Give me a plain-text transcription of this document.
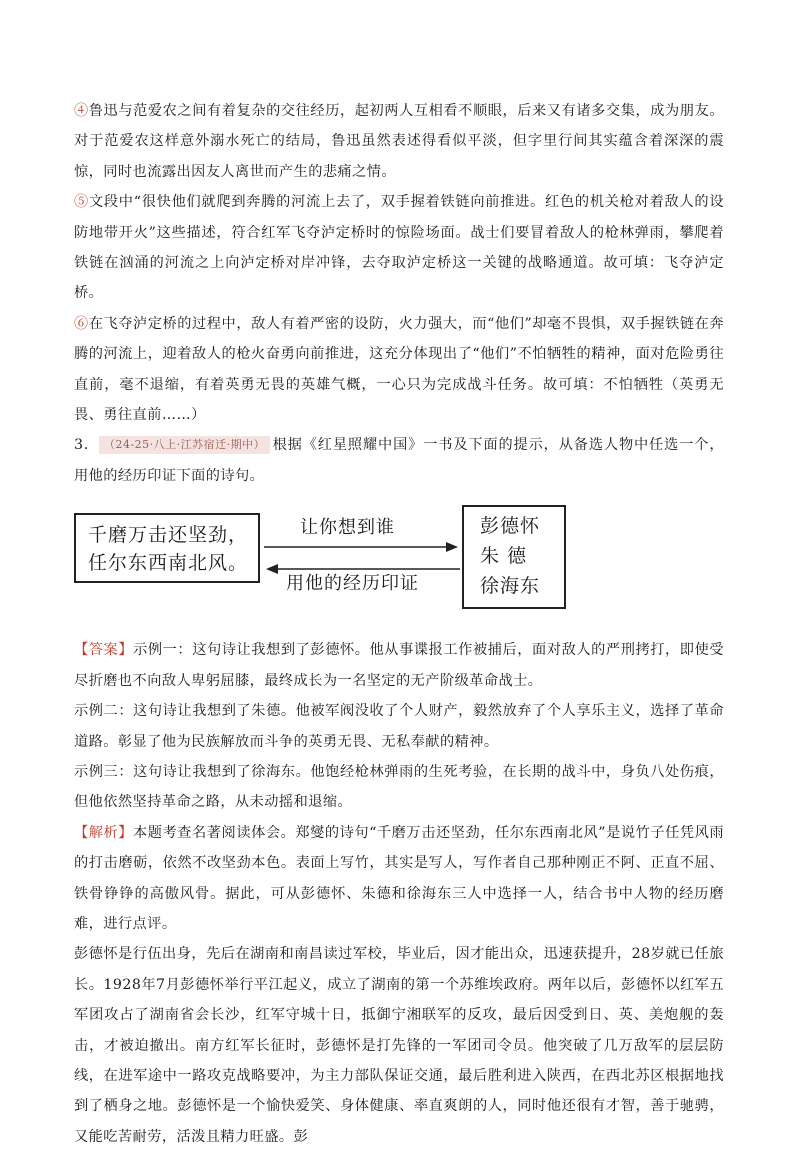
④鲁迅与范爱农之间有着复杂的交往经历，起初两人互相看不顺眼，后来又有诸多交集，成为朋友。对于范爱农这样意外溺水死亡的结局，鲁迅虽然表述得看似平淡，但字里行间其实蕴含着深深的震惊，同时也流露出因友人离世而产生的悲痛之情。

⑤文段中“很快他们就爬到奔腾的河流上去了，双手握着铁链向前推进。红色的机关枪对着敌人的设防地带开火”这些描述，符合红军飞夺泸定桥时的惊险场面。战士们要冒着敌人的枪林弹雨，攀爬着铁链在汹涌的河流之上向泸定桥对岸冲锋，去夺取泸定桥这一关键的战略通道。故可填：飞夺泸定桥。

⑥在飞夺泸定桥的过程中，敌人有着严密的设防，火力强大，而“他们”却毫不畏惧，双手握铁链在奔腾的河流上，迎着敌人的枪火奋勇向前推进，这充分体现出了“他们”不怕牺牲的精神，面对危险勇往直前，毫不退缩，有着英勇无畏的英雄气概，一心只为完成战斗任务。故可填：不怕牺牲（英勇无畏、勇往直前……）

3． （24-25·八上·江苏宿迁·期中） 根据《红星照耀中国》一书及下面的提示，从备选人物中任选一个，用他的经历印证下面的诗句。

千磨万击还坚劲，
任尔东西南北风。
让你想到谁
用他的经历印证
彭德怀
朱 德
徐海东

【答案】示例一：这句诗让我想到了彭德怀。他从事谍报工作被捕后，面对敌人的严刑拷打，即使受尽折磨也不向敌人卑躬屈膝，最终成长为一名坚定的无产阶级革命战士。

示例二：这句诗让我想到了朱德。他被军阀没收了个人财产，毅然放弃了个人享乐主义，选择了革命道路。彰显了他为民族解放而斗争的英勇无畏、无私奉献的精神。

示例三：这句诗让我想到了徐海东。他饱经枪林弹雨的生死考验，在长期的战斗中，身负八处伤痕，但他依然坚持革命之路，从未动摇和退缩。

【解析】本题考查名著阅读体会。郑燮的诗句“千磨万击还坚劲，任尔东西南北风”是说竹子任凭风雨的打击磨砺，依然不改坚劲本色。表面上写竹，其实是写人，写作者自己那种刚正不阿、正直不屈、铁骨铮铮的高傲风骨。据此，可从彭德怀、朱德和徐海东三人中选择一人，结合书中人物的经历磨难，进行点评。

彭德怀是行伍出身，先后在湖南和南昌读过军校，毕业后，因才能出众，迅速获提升，28岁就已任旅长。1928年7月彭德怀举行平江起义，成立了湖南的第一个苏维埃政府。两年以后，彭德怀以红军五军团攻占了湖南省会长沙，红军守城十日，抵御宁湘联军的反攻，最后因受到日、英、美炮舰的轰击，才被迫撤出。南方红军长征时，彭德怀是打先锋的一军团司令员。他突破了几万敌军的层层防线，在进军途中一路攻克战略要冲，为主力部队保证交通，最后胜利进入陕西，在西北苏区根据地找到了栖身之地。彭德怀是一个愉快爱笑、身体健康、率直爽朗的人，同时他还很有才智，善于驰骋，又能吃苦耐劳，活泼且精力旺盛。彭
